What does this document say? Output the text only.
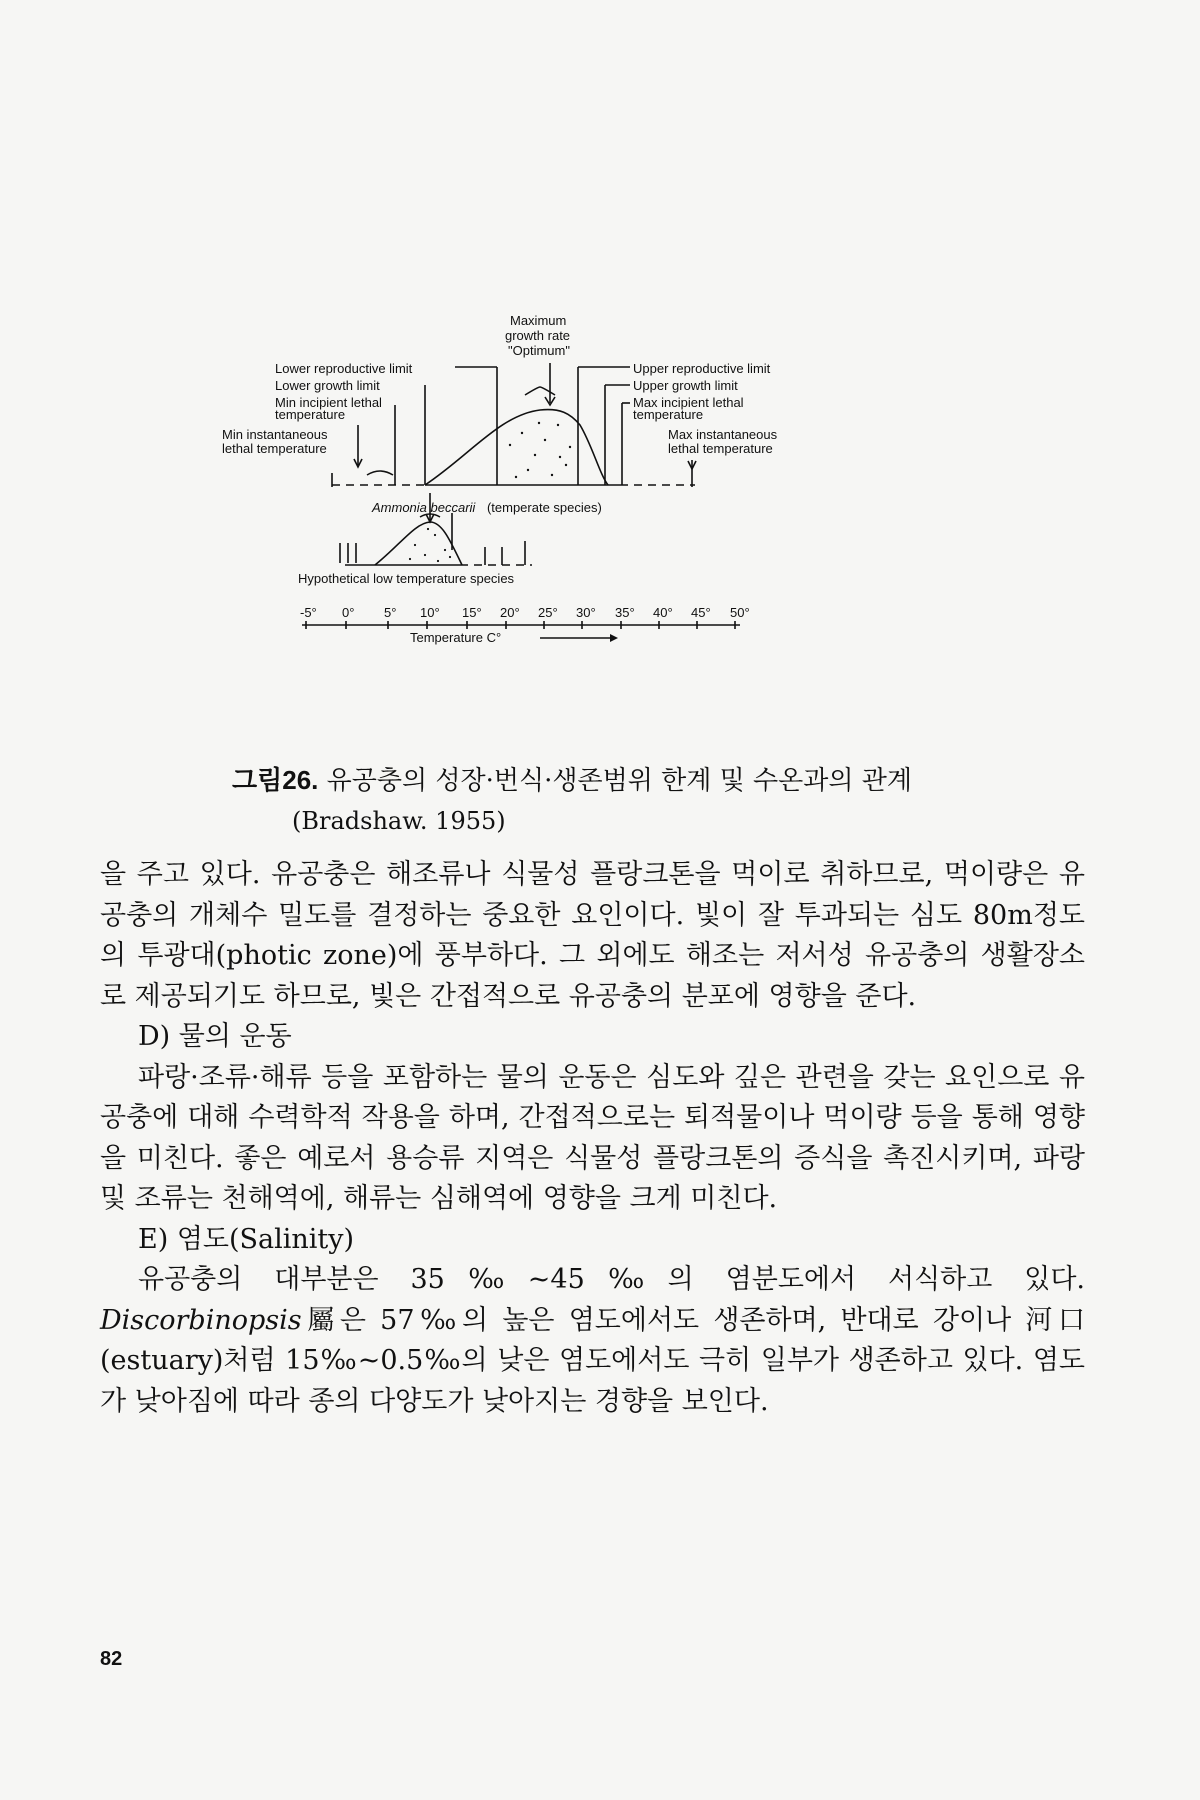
Maximum
growth rate
"Optimum"
Lower reproductive limit
Lower growth limit
Min incipient lethal
temperature
Min instantaneous
lethal temperature
Upper reproductive limit
Upper growth limit
Max incipient lethal
temperature
Max instantaneous
lethal temperature
Ammonia beccarii (temperate species)
Hypothetical low temperature species
-5° 0° 5° 10° 15° 20° 25° 30° 35° 40° 45° 50°
Temperature C°
그림26. 유공충의 성장·번식·생존범위 한계 및 수온과의 관계
(Bradshaw. 1955)

을 주고 있다. 유공충은 해조류나 식물성 플랑크톤을 먹이로 취하므로, 먹이량은 유공충의 개체수 밀도를 결정하는 중요한 요인이다. 빛이 잘 투과되는 심도 80m정도의 투광대(photic zone)에 풍부하다. 그 외에도 해조는 저서성 유공충의 생활장소로 제공되기도 하므로, 빛은 간접적으로 유공충의 분포에 영향을 준다.

D) 물의 운동

파랑·조류·해류 등을 포함하는 물의 운동은 심도와 깊은 관련을 갖는 요인으로 유공충에 대해 수력학적 작용을 하며, 간접적으로는 퇴적물이나 먹이량 등을 통해 영향을 미친다. 좋은 예로서 용승류 지역은 식물성 플랑크톤의 증식을 촉진시키며, 파랑 및 조류는 천해역에, 해류는 심해역에 영향을 크게 미친다.

E) 염도(Salinity)

유공충의 대부분은 35‰~45‰의 염분도에서 서식하고 있다. Discorbinopsis屬은 57‰의 높은 염도에서도 생존하며, 반대로 강이나 河口(estuary)처럼 15‰~0.5‰의 낮은 염도에서도 극히 일부가 생존하고 있다. 염도가 낮아짐에 따라 종의 다양도가 낮아지는 경향을 보인다.

82
